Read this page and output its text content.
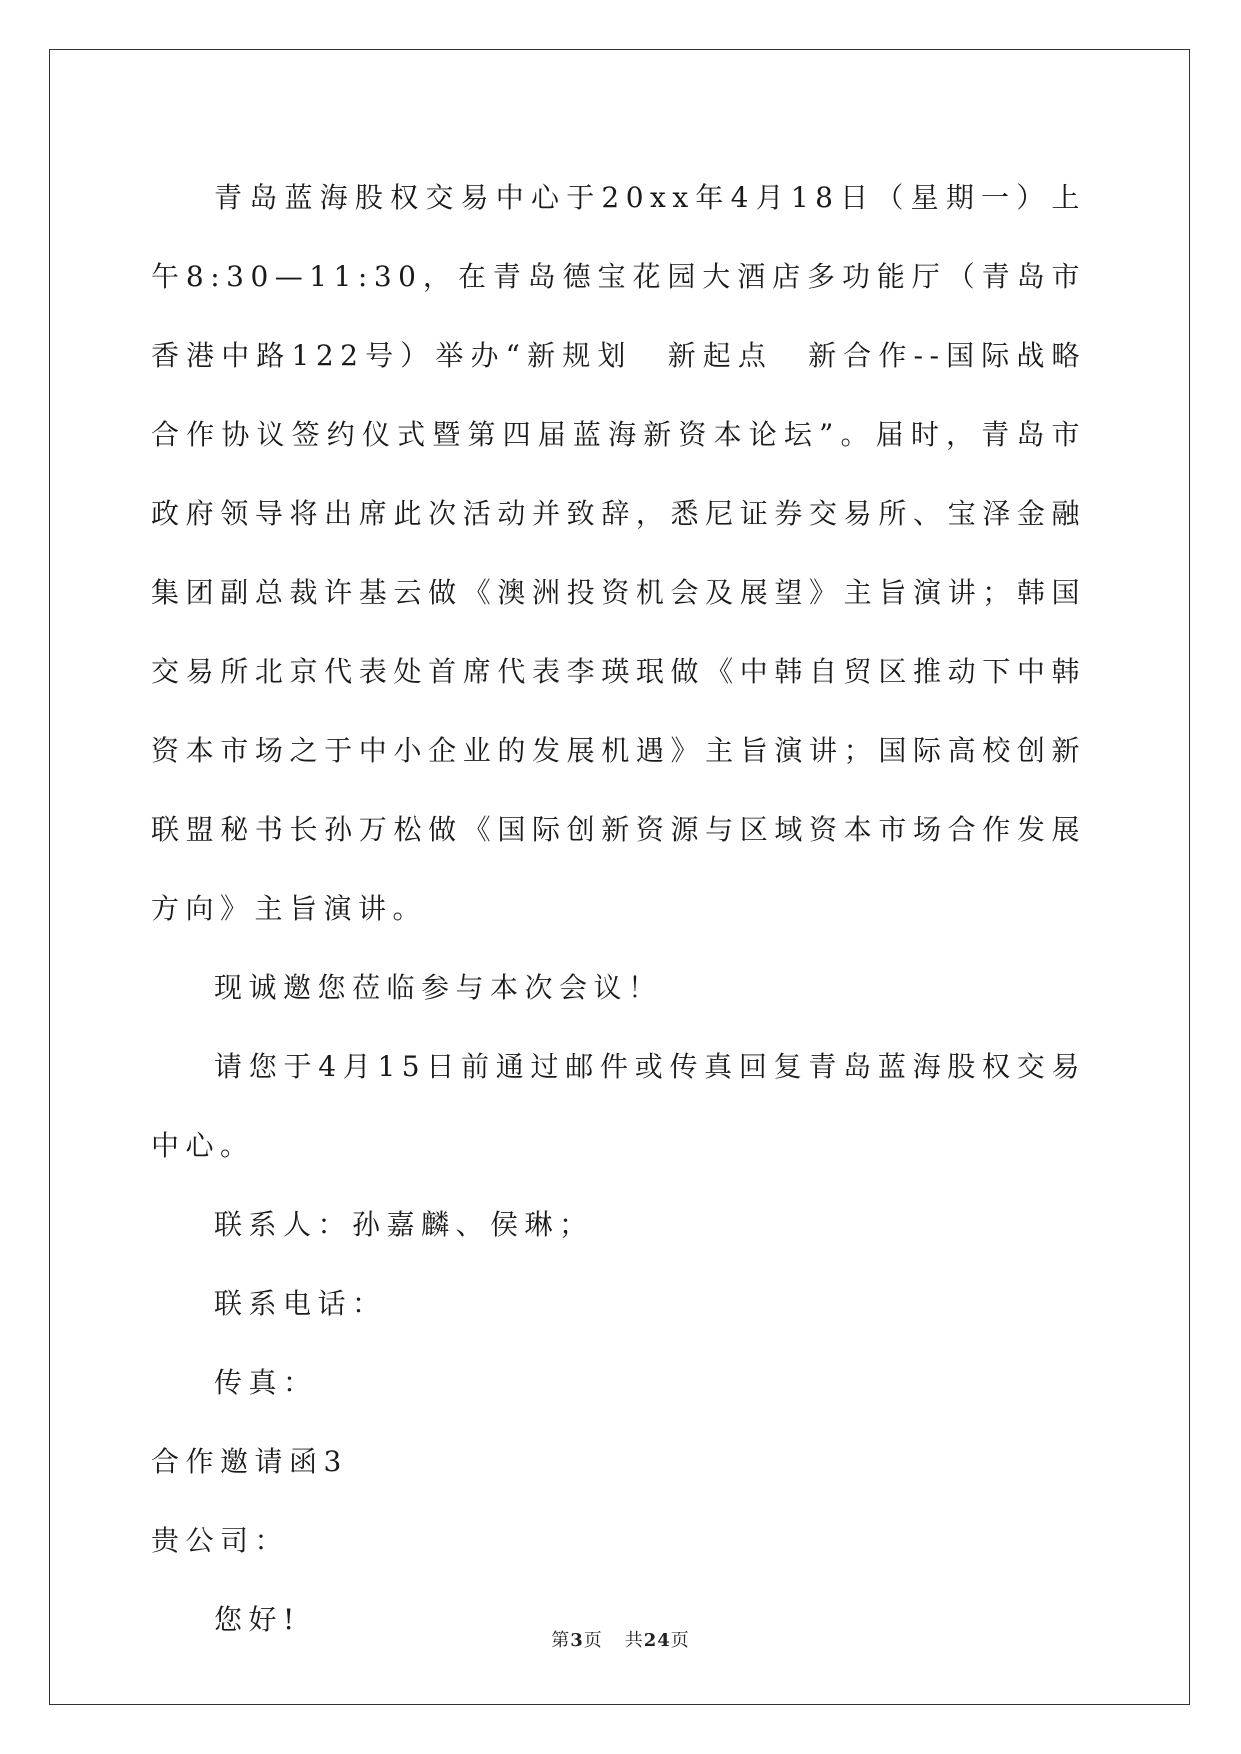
青岛蓝海股权交易中心于20xx年4月18日（星期一）上午8:30—11:30，在青岛德宝花园大酒店多功能厅（青岛市香港中路122号）举办“新规划　新起点　新合作--国际战略合作协议签约仪式暨第四届蓝海新资本论坛”。届时，青岛市政府领导将出席此次活动并致辞，悉尼证券交易所、宝泽金融集团副总裁许基云做《澳洲投资机会及展望》主旨演讲；韩国交易所北京代表处首席代表李瑛珉做《中韩自贸区推动下中韩资本市场之于中小企业的发展机遇》主旨演讲；国际高校创新联盟秘书长孙万松做《国际创新资源与区域资本市场合作发展方向》主旨演讲。

现诚邀您莅临参与本次会议！

请您于4月15日前通过邮件或传真回复青岛蓝海股权交易中心。

联系人：孙嘉麟、侯琳；

联系电话：

传真：

合作邀请函3

贵公司：

您好!

第3页 共24页
